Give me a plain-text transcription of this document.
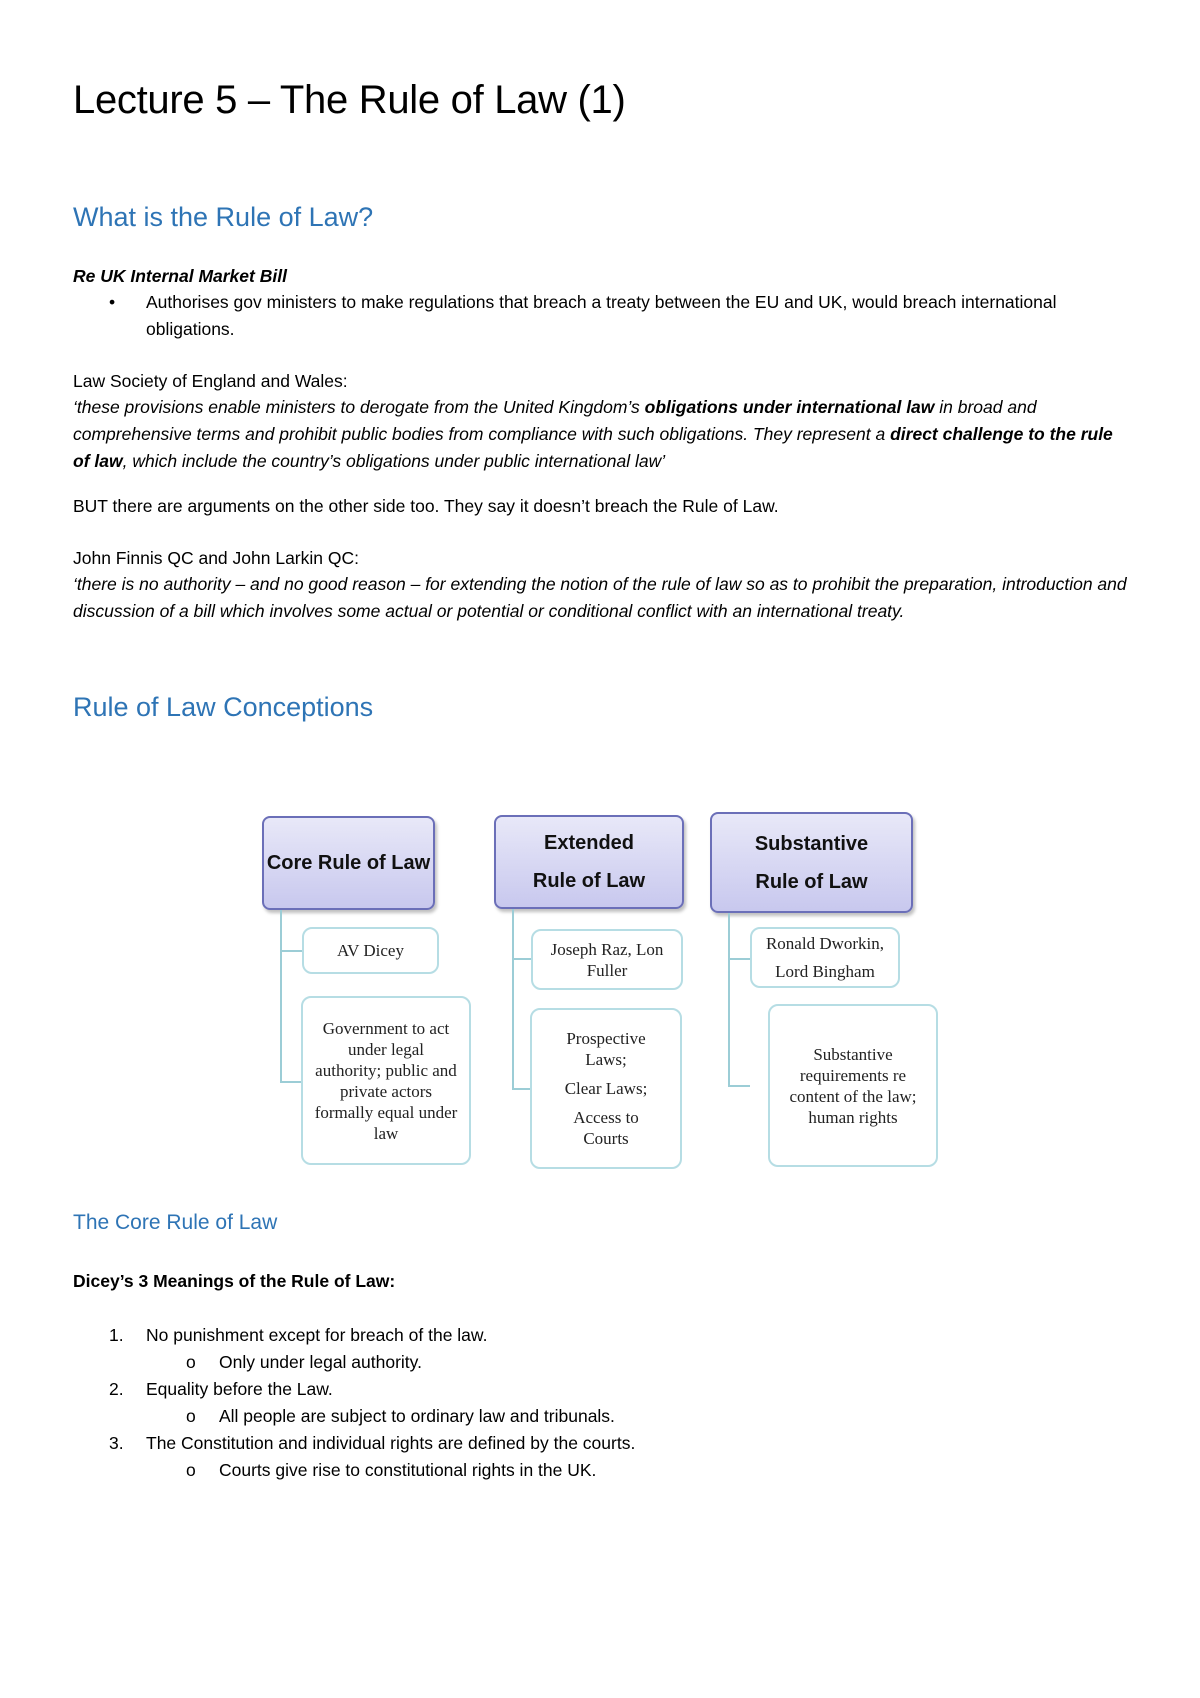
Lecture 5 – The Rule of Law (1)
What is the Rule of Law?

Re UK Internal Market Bill

• Authorises gov ministers to make regulations that breach a treaty between the EU and UK, would breach international obligations.

Law Society of England and Wales:

‘these provisions enable ministers to derogate from the United Kingdom’s obligations under international law in broad and comprehensive terms and prohibit public bodies from compliance with such obligations. They represent a direct challenge to the rule of law, which include the country’s obligations under public international law’

BUT there are arguments on the other side too. They say it doesn’t breach the Rule of Law.

John Finnis QC and John Larkin QC:

‘there is no authority – and no good reason – for extending the notion of the rule of law so as to prohibit the preparation, introduction and discussion of a bill which involves some actual or potential or conditional conflict with an international treaty.

Rule of Law Conceptions
Core Rule of Law
AV Dicey
Government to act under legal authority; public and private actors formally equal under law
Extended
Rule of Law
Joseph Raz, Lon Fuller
Prospective Laws;
Clear Laws;
Access to Courts
Substantive
Rule of Law
Ronald Dworkin,
Lord Bingham
Substantive requirements re content of the law; human rights
The Core Rule of Law

Dicey’s 3 Meanings of the Rule of Law:

1. No punishment except for breach of the law.
o Only under legal authority.
2. Equality before the Law.
o All people are subject to ordinary law and tribunals.
3. The Constitution and individual rights are defined by the courts.
o Courts give rise to constitutional rights in the UK.
